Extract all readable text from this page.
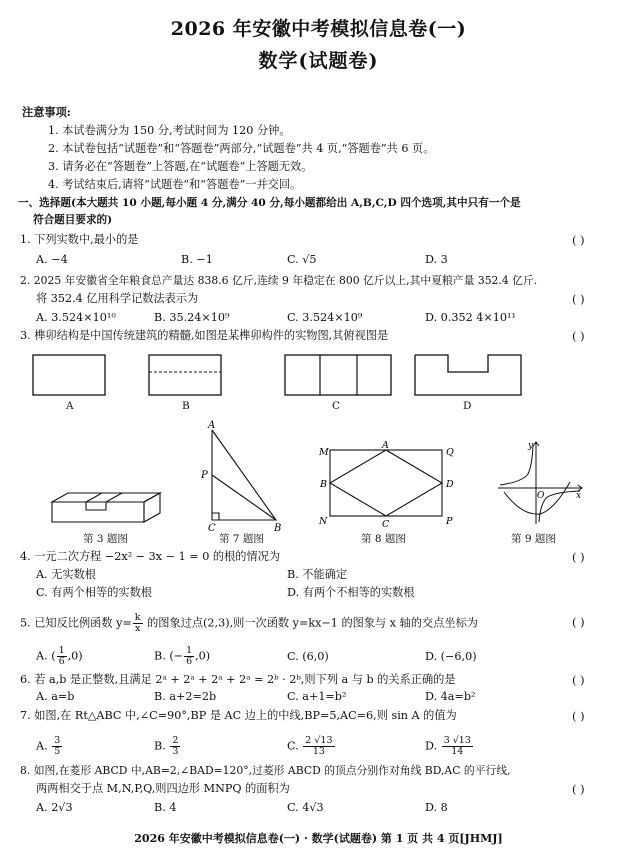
2026 年安徽中考模拟信息卷(一)
数学(试题卷)
注意事项:
1. 本试卷满分为 150 分,考试时间为 120 分钟。
2. 本试卷包括“试题卷”和“答题卷”两部分,“试题卷”共 4 页,“答题卷”共 6 页。
3. 请务必在“答题卷”上答题,在“试题卷”上答题无效。
4. 考试结束后,请将“试题卷”和“答题卷”一并交回。
一、选择题(本大题共 10 小题,每小题 4 分,满分 40 分,每小题都给出 A,B,C,D 四个选项,其中只有一个是
符合题目要求的)
1. 下列实数中,最小的是	( )
A. −4	B. −1	C. √5	D. 3
2. 2025 年安徽省全年粮食总产量达 838.6 亿斤,连续 9 年稳定在 800 亿斤以上,其中夏粮产量 352.4 亿斤.
将 352.4 亿用科学记数法表示为	( )
A. 3.524×10¹⁰	B. 35.24×10⁹	C. 3.524×10⁹	D. 0.352 4×10¹¹
3. 榫卯结构是中国传统建筑的精髓,如图是某榫卯构件的实物图,其俯视图是	( )
A	B	C	D
第 3 题图
A
P
C	B
第 7 题图
M
A
Q
B	D
N	C	P
第 8 题图
y
O	x
第 9 题图
4. 一元二次方程 −2x² − 3x − 1 = 0 的根的情况为	( )
A. 无实数根	B. 不能确定
C. 有两个相等的实数根	D. 有两个不相等的实数根
5. 已知反比例函数 $y= \frac{k}{x}$ 的图象过点(2,3),则一次函数 y=kx−1 的图象与 x 轴的交点坐标为	( )
A. ( $\frac{1}{6} ,0$)	B. (− $\frac{1}{6} ,0$)	C. (6,0)	D. (−6,0)
6. 若 a,b 是正整数,且满足 2ᵃ + 2ᵃ + 2ᵃ + 2ᵃ = 2ᵇ · 2ᵇ,则下列 a 与 b 的关系正确的是	( )
A. a=b	B. a+2=2b	C. a+1=b²	D. 4a=b²
7. 如图,在 Rt△ABC 中,∠C=90°,BP 是 AC 边上的中线,BP=5,AC=6,则 sin A 的值为	( )
A. $\frac{3}{5}$	B. $\frac{2}{3}$	C. $\frac{2 √13}{13}$	D. $\frac{3 √13}{14}$
8. 如图,在菱形 ABCD 中,AB=2,∠BAD=120°,过菱形 ABCD 的顶点分别作对角线 BD,AC 的平行线,
两两相交于点 M,N,P,Q,则四边形 MNPQ 的面积为	( )
A. 2√3	B. 4	C. 4√3	D. 8
2026 年安徽中考模拟信息卷(一) · 数学(试题卷) 第 1 页 共 4 页[JHMJ]
